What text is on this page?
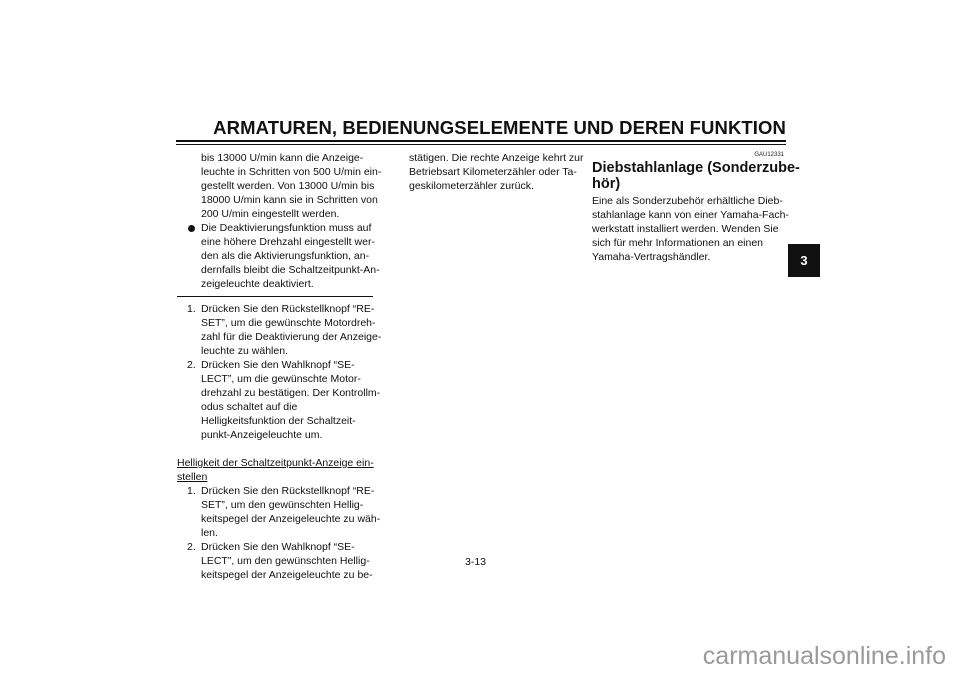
ARMATUREN, BEDIENUNGSELEMENTE UND DEREN FUNKTION
3
bis 13000 U/min kann die Anzeige-
leuchte in Schritten von 500 U/min ein-
gestellt werden. Von 13000 U/min bis
18000 U/min kann sie in Schritten von
200 U/min eingestellt werden.
Die Deaktivierungsfunktion muss auf
eine höhere Drehzahl eingestellt wer-
den als die Aktivierungsfunktion, an-
dernfalls bleibt die Schaltzeitpunkt-An-
zeigeleuchte deaktiviert.
1. Drücken Sie den Rückstellknopf “RE-
SET”, um die gewünschte Motordreh-
zahl für die Deaktivierung der Anzeige-
leuchte zu wählen.
2. Drücken Sie den Wahlknopf “SE-
LECT”, um die gewünschte Motor-
drehzahl zu bestätigen. Der Kontrollm-
odus schaltet auf die
Helligkeitsfunktion der Schaltzeit-
punkt-Anzeigeleuchte um.
Helligkeit der Schaltzeitpunkt-Anzeige ein-
stellen
1. Drücken Sie den Rückstellknopf “RE-
SET”, um den gewünschten Hellig-
keitspegel der Anzeigeleuchte zu wäh-
len.
2. Drücken Sie den Wahlknopf “SE-
LECT”, um den gewünschten Hellig-
keitspegel der Anzeigeleuchte zu be-
stätigen. Die rechte Anzeige kehrt zur
Betriebsart Kilometerzähler oder Ta-
geskilometerzähler zurück.
GAU12331
Diebstahlanlage (Sonderzube-
hör)
Eine als Sonderzubehör erhältliche Dieb-
stahlanlage kann von einer Yamaha-Fach-
werkstatt installiert werden. Wenden Sie
sich für mehr Informationen an einen
Yamaha-Vertragshändler.
3-13
carmanualsonline.info
